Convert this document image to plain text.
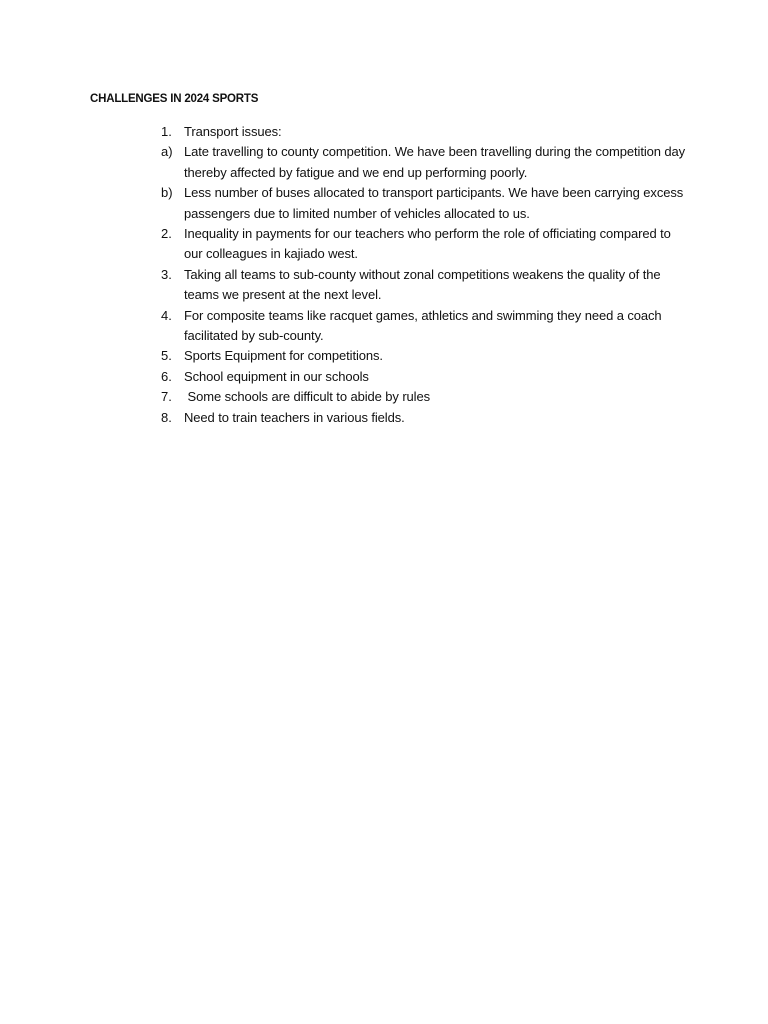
CHALLENGES IN 2024 SPORTS
1. Transport issues:
a) Late travelling to county competition. We have been travelling during the competition day thereby affected by fatigue and we end up performing poorly.
b) Less number of buses allocated to transport participants. We have been carrying excess passengers due to limited number of vehicles allocated to us.
2. Inequality in payments for our teachers who perform the role of officiating compared to our colleagues in kajiado west.
3. Taking all teams to sub-county without zonal competitions weakens the quality of the teams we present at the next level.
4. For composite teams like racquet games, athletics and swimming they need a coach facilitated by sub-county.
5. Sports Equipment for competitions.
6. School equipment in our schools
7. Some schools are difficult to abide by rules
8. Need to train teachers in various fields.
